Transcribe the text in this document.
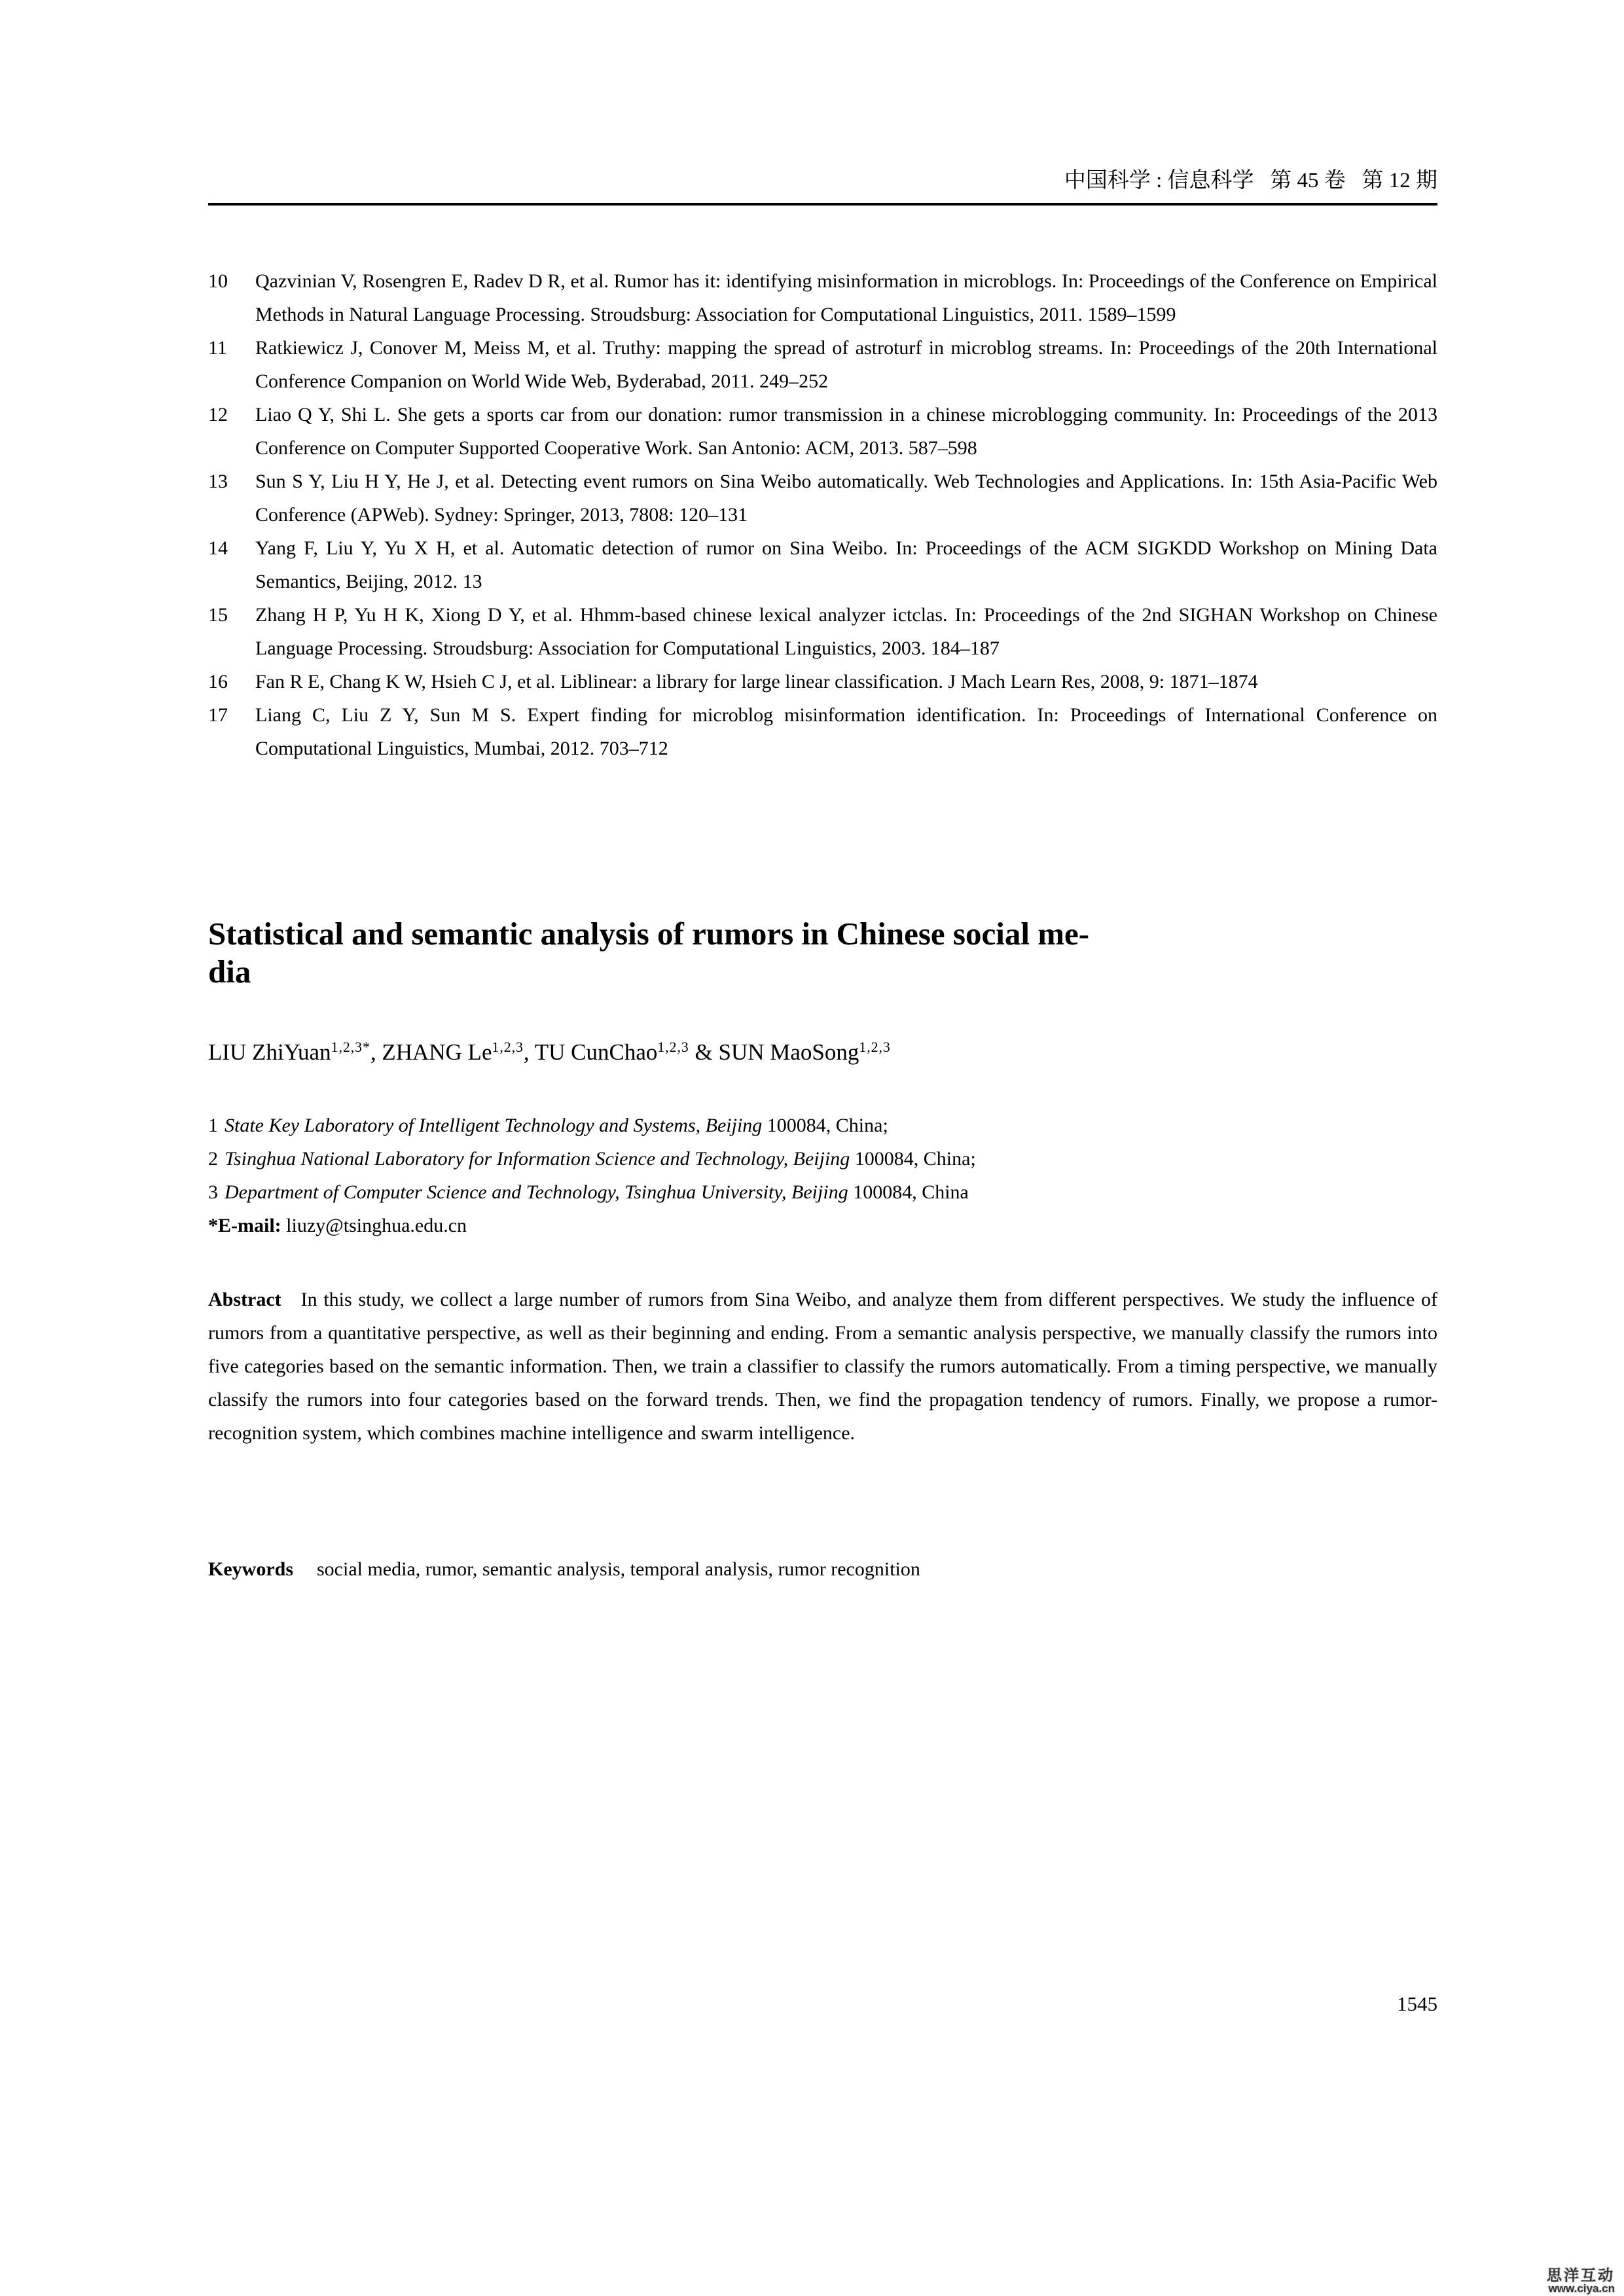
中国科学 : 信息科学   第 45 卷   第 12 期
10	Qazvinian V, Rosengren E, Radev D R, et al. Rumor has it: identifying misinformation in microblogs. In: Proceedings of the Conference on Empirical Methods in Natural Language Processing. Stroudsburg: Association for Computational Linguistics, 2011. 1589–1599
11	Ratkiewicz J, Conover M, Meiss M, et al. Truthy: mapping the spread of astroturf in microblog streams. In: Proceedings of the 20th International Conference Companion on World Wide Web, Byderabad, 2011. 249–252
12	Liao Q Y, Shi L. She gets a sports car from our donation: rumor transmission in a chinese microblogging community. In: Proceedings of the 2013 Conference on Computer Supported Cooperative Work. San Antonio: ACM, 2013. 587–598
13	Sun S Y, Liu H Y, He J, et al. Detecting event rumors on Sina Weibo automatically. Web Technologies and Applications. In: 15th Asia-Pacific Web Conference (APWeb). Sydney: Springer, 2013, 7808: 120–131
14	Yang F, Liu Y, Yu X H, et al. Automatic detection of rumor on Sina Weibo. In: Proceedings of the ACM SIGKDD Workshop on Mining Data Semantics, Beijing, 2012. 13
15	Zhang H P, Yu H K, Xiong D Y, et al. Hhmm-based chinese lexical analyzer ictclas. In: Proceedings of the 2nd SIGHAN Workshop on Chinese Language Processing. Stroudsburg: Association for Computational Linguistics, 2003. 184–187
16	Fan R E, Chang K W, Hsieh C J, et al. Liblinear: a library for large linear classification. J Mach Learn Res, 2008, 9: 1871–1874
17	Liang C, Liu Z Y, Sun M S. Expert finding for microblog misinformation identification. In: Proceedings of International Conference on Computational Linguistics, Mumbai, 2012. 703–712
Statistical and semantic analysis of rumors in Chinese social me-
dia
LIU ZhiYuan$^{1,2,3*}$, ZHANG Le$^{1,2,3}$, TU CunChao$^{1,2,3}$ & SUN MaoSong$^{1,2,3}$
1 State Key Laboratory of Intelligent Technology and Systems, Beijing 100084, China;
2 Tsinghua National Laboratory for Information Science and Technology, Beijing 100084, China;
3 Department of Computer Science and Technology, Tsinghua University, Beijing 100084, China
*E-mail: liuzy@tsinghua.edu.cn
Abstract In this study, we collect a large number of rumors from Sina Weibo, and analyze them from different perspectives. We study the influence of rumors from a quantitative perspective, as well as their beginning and ending. From a semantic analysis perspective, we manually classify the rumors into five categories based on the semantic information. Then, we train a classifier to classify the rumors automatically. From a timing perspective, we manually classify the rumors into four categories based on the forward trends. Then, we find the propagation tendency of rumors. Finally, we propose a rumor-recognition system, which combines machine intelligence and swarm intelligence.
Keywords social media, rumor, semantic analysis, temporal analysis, rumor recognition
1545
思洋互动
www.ciya.cn
